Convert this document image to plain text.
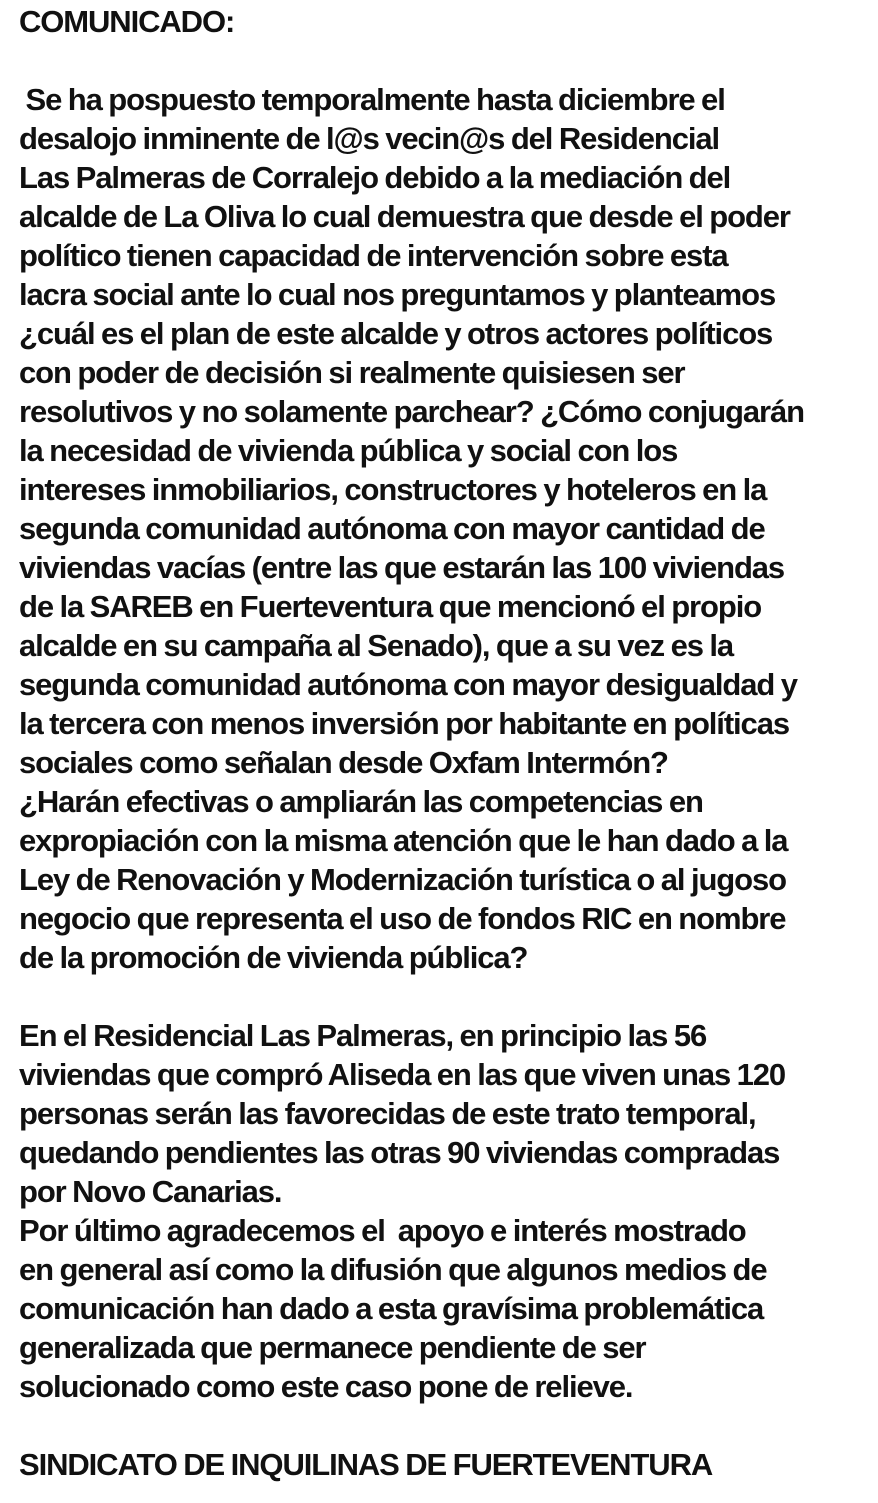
COMUNICADO:
Se ha pospuesto temporalmente hasta diciembre el
desalojo inminente de l@s vecin@s del Residencial
Las Palmeras de Corralejo debido a la mediación del
alcalde de La Oliva lo cual demuestra que desde el poder
político tienen capacidad de intervención sobre esta
lacra social ante lo cual nos preguntamos y planteamos
¿cuál es el plan de este alcalde y otros actores políticos
con poder de decisión si realmente quisiesen ser
resolutivos y no solamente parchear? ¿Cómo conjugarán
la necesidad de vivienda pública y social con los
intereses inmobiliarios, constructores y hoteleros en la
segunda comunidad autónoma con mayor cantidad de
viviendas vacías (entre las que estarán las 100 viviendas
de la SAREB en Fuerteventura que mencionó el propio
alcalde en su campaña al Senado), que a su vez es la
segunda comunidad autónoma con mayor desigualdad y
la tercera con menos inversión por habitante en políticas
sociales como señalan desde Oxfam Intermón?
¿Harán efectivas o ampliarán las competencias en
expropiación con la misma atención que le han dado a la
Ley de Renovación y Modernización turística o al jugoso
negocio que representa el uso de fondos RIC en nombre
de la promoción de vivienda pública?
En el Residencial Las Palmeras, en principio las 56
viviendas que compró Aliseda en las que viven unas 120
personas serán las favorecidas de este trato temporal,
quedando pendientes las otras 90 viviendas compradas
por Novo Canarias.
Por último agradecemos el  apoyo e interés mostrado
en general así como la difusión que algunos medios de
comunicación han dado a esta gravísima problemática
generalizada que permanece pendiente de ser
solucionado como este caso pone de relieve.
SINDICATO DE INQUILINAS DE FUERTEVENTURA
